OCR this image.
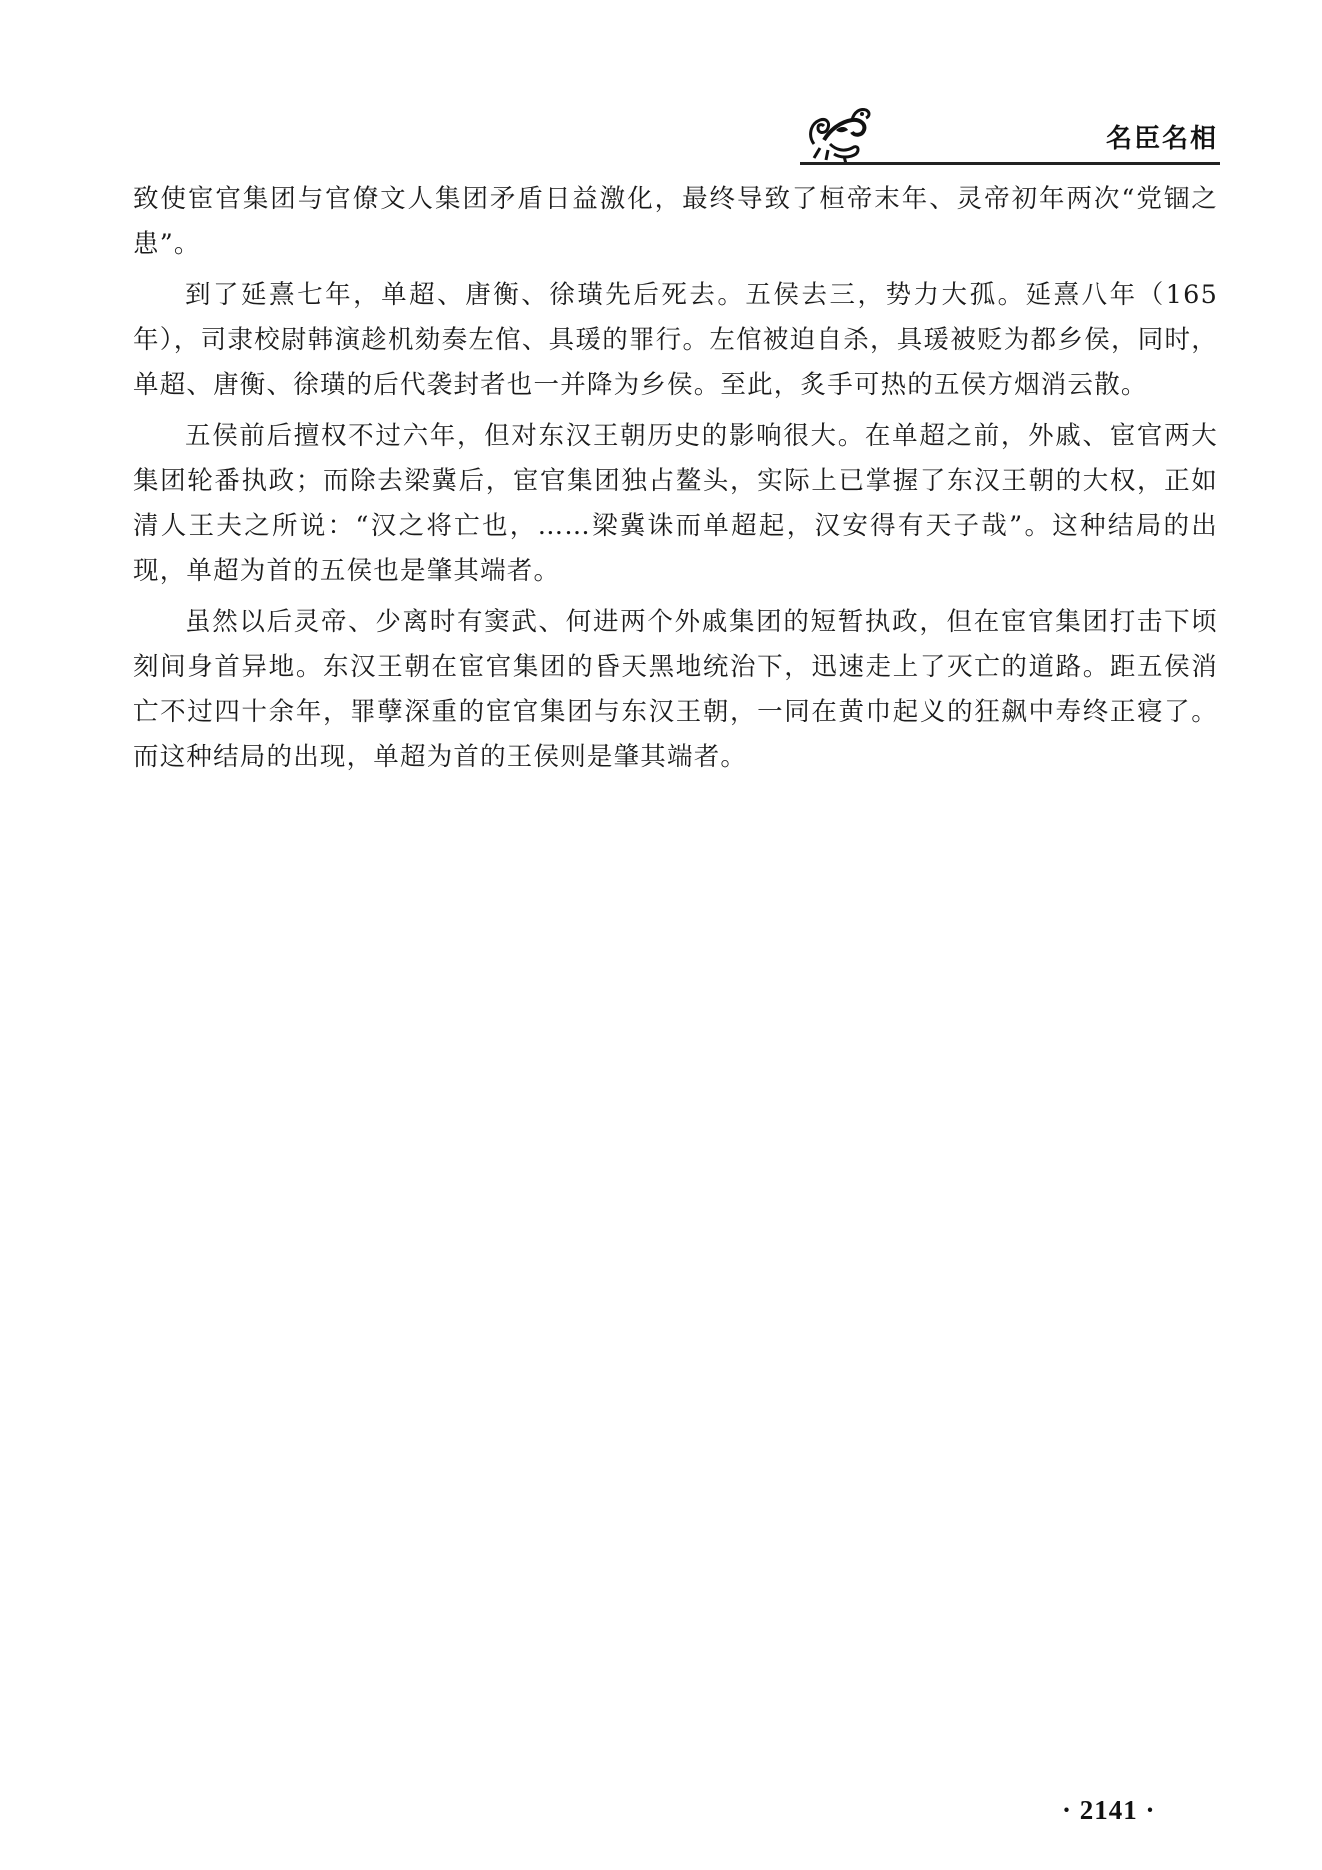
名臣名相

致使宦官集团与官僚文人集团矛盾日益激化，最终导致了桓帝末年、灵帝初年两次“党锢之患”。

到了延熹七年，单超、唐衡、徐璜先后死去。五侯去三，势力大孤。延熹八年（165年），司隶校尉韩演趁机劾奏左倌、具瑗的罪行。左倌被迫自杀，具瑗被贬为都乡侯，同时，单超、唐衡、徐璜的后代袭封者也一并降为乡侯。至此，炙手可热的五侯方烟消云散。

五侯前后擅权不过六年，但对东汉王朝历史的影响很大。在单超之前，外戚、宦官两大集团轮番执政；而除去梁冀后，宦官集团独占鳌头，实际上已掌握了东汉王朝的大权，正如清人王夫之所说：“汉之将亡也，……梁冀诛而单超起，汉安得有天子哉”。这种结局的出现，单超为首的五侯也是肇其端者。

虽然以后灵帝、少离时有窦武、何进两个外戚集团的短暂执政，但在宦官集团打击下顷刻间身首异地。东汉王朝在宦官集团的昏天黑地统治下，迅速走上了灭亡的道路。距五侯消亡不过四十余年，罪孽深重的宦官集团与东汉王朝，一同在黄巾起义的狂飙中寿终正寝了。而这种结局的出现，单超为首的王侯则是肇其端者。

· 2141 ·
